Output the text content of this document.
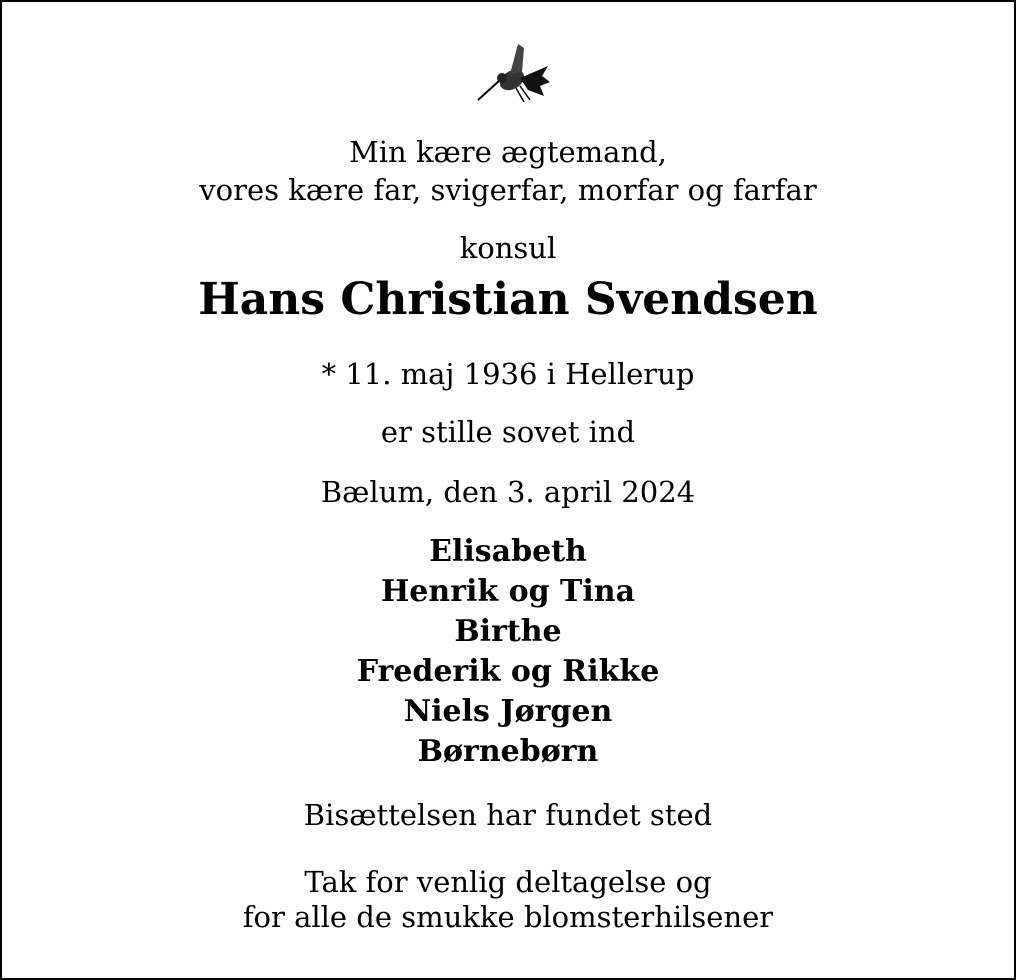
Min kære ægtemand,
vores kære far, svigerfar, morfar og farfar
konsul
Hans Christian Svendsen
* 11. maj 1936 i Hellerup
er stille sovet ind
Bælum, den 3. april 2024
Elisabeth
Henrik og Tina
Birthe
Frederik og Rikke
Niels Jørgen
Børnebørn
Bisættelsen har fundet sted
Tak for venlig deltagelse og
for alle de smukke blomsterhilsener
